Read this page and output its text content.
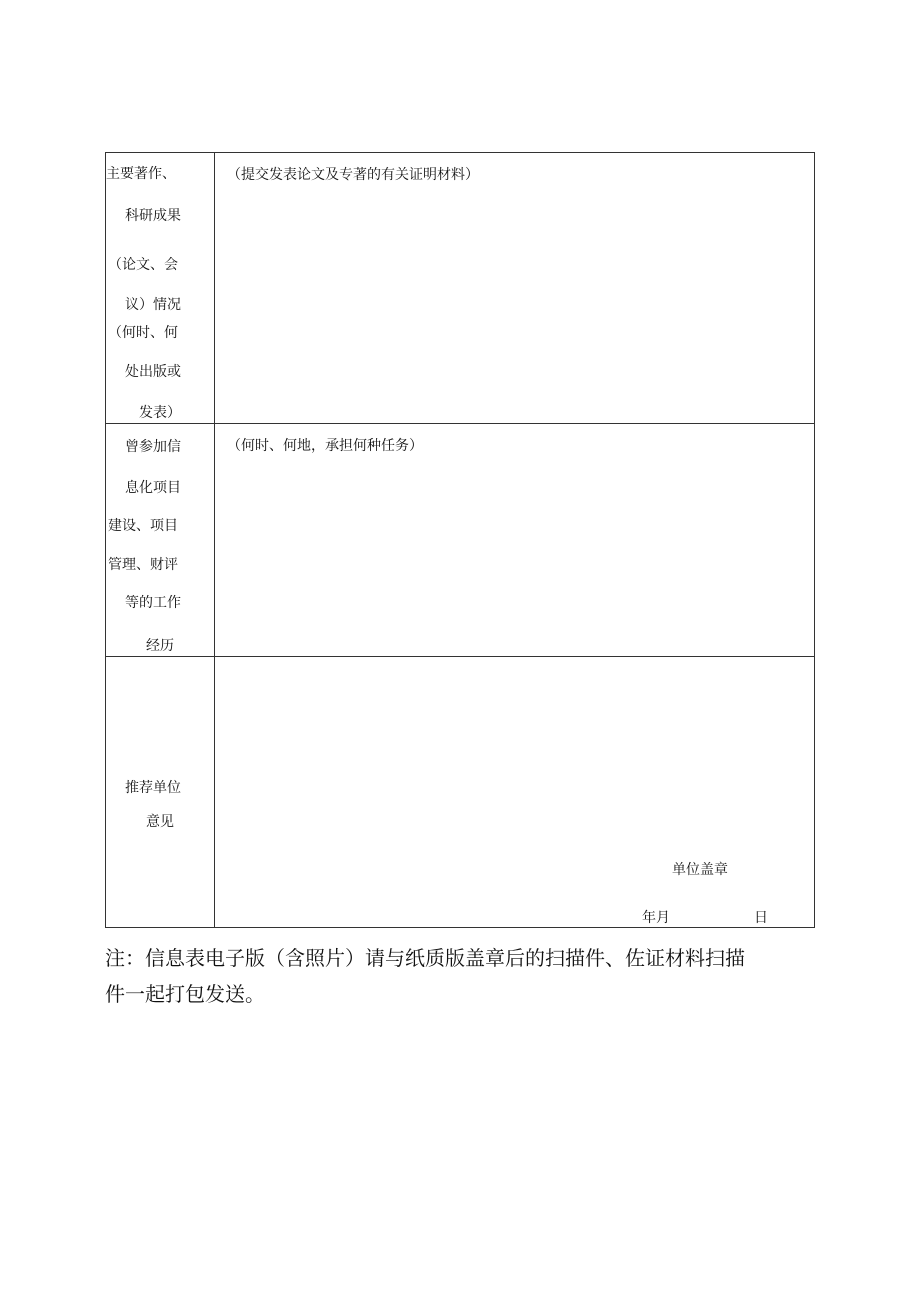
主要著作、
科研成果
（论文、会
议）情况
（何时、何
处出版或
发表）
（提交发表论文及专著的有关证明材料）
曾参加信
息化项目
建设、项目
管理、财评
等的工作
经历
（何时、何地，承担何种任务）
推荐单位
意见
单位盖章
年月	日

注：信息表电子版（含照片）请与纸质版盖章后的扫描件、佐证材料扫描

件一起打包发送。
